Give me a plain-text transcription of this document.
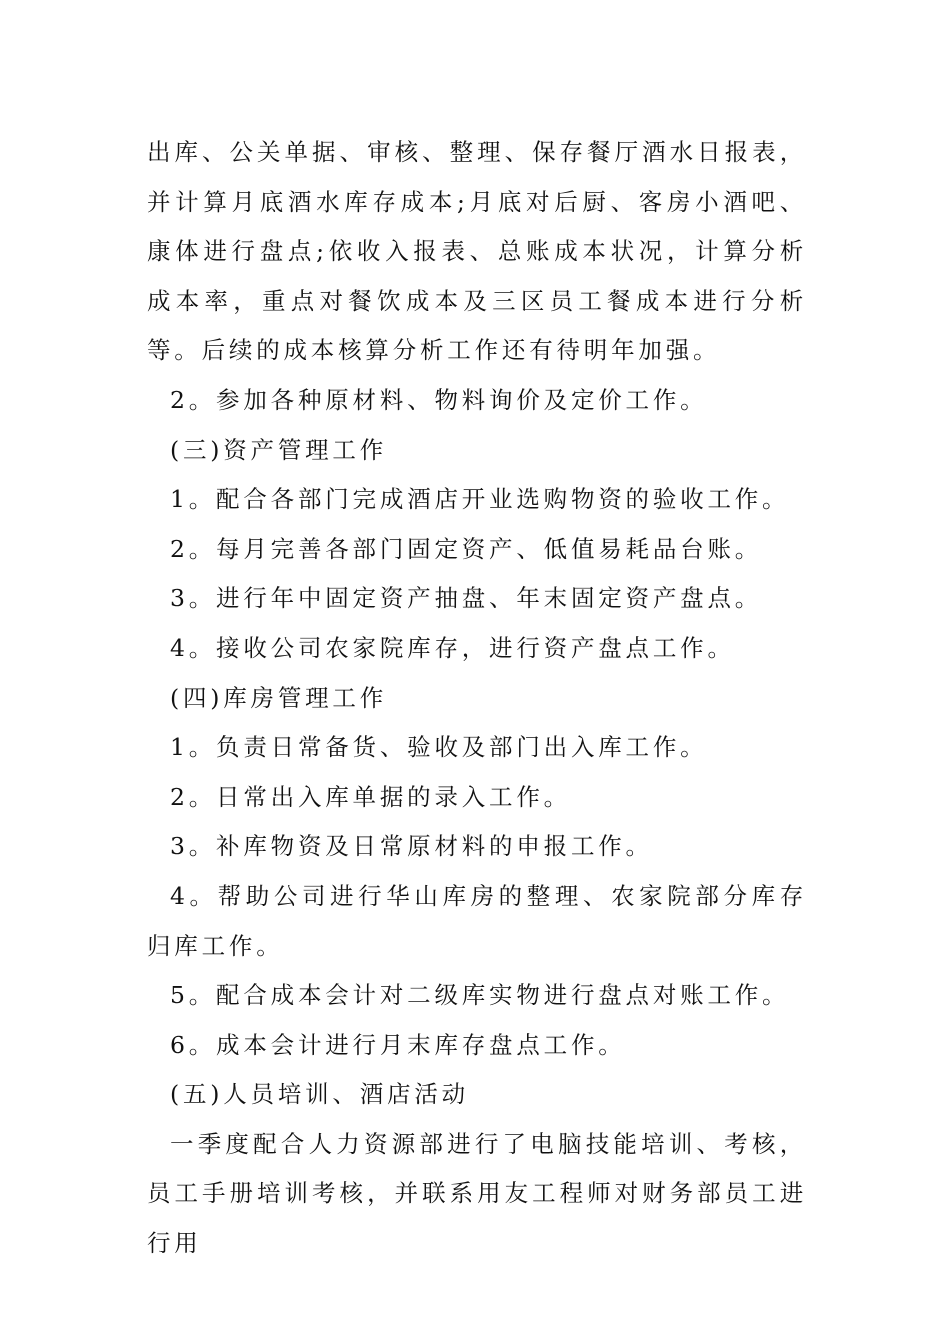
出库、公关单据、审核、整理、保存餐厅酒水日报表，并计算月底酒水库存成本;月底对后厨、客房小酒吧、康体进行盘点;依收入报表、总账成本状况，计算分析成本率，重点对餐饮成本及三区员工餐成本进行分析等。后续的成本核算分析工作还有待明年加强。

2。参加各种原材料、物料询价及定价工作。

(三)资产管理工作

1。配合各部门完成酒店开业选购物资的验收工作。

2。每月完善各部门固定资产、低值易耗品台账。

3。进行年中固定资产抽盘、年末固定资产盘点。

4。接收公司农家院库存，进行资产盘点工作。

(四)库房管理工作

1。负责日常备货、验收及部门出入库工作。

2。日常出入库单据的录入工作。

3。补库物资及日常原材料的申报工作。

4。帮助公司进行华山库房的整理、农家院部分库存归库工作。

5。配合成本会计对二级库实物进行盘点对账工作。

6。成本会计进行月末库存盘点工作。

(五)人员培训、酒店活动

一季度配合人力资源部进行了电脑技能培训、考核，员工手册培训考核，并联系用友工程师对财务部员工进行用
